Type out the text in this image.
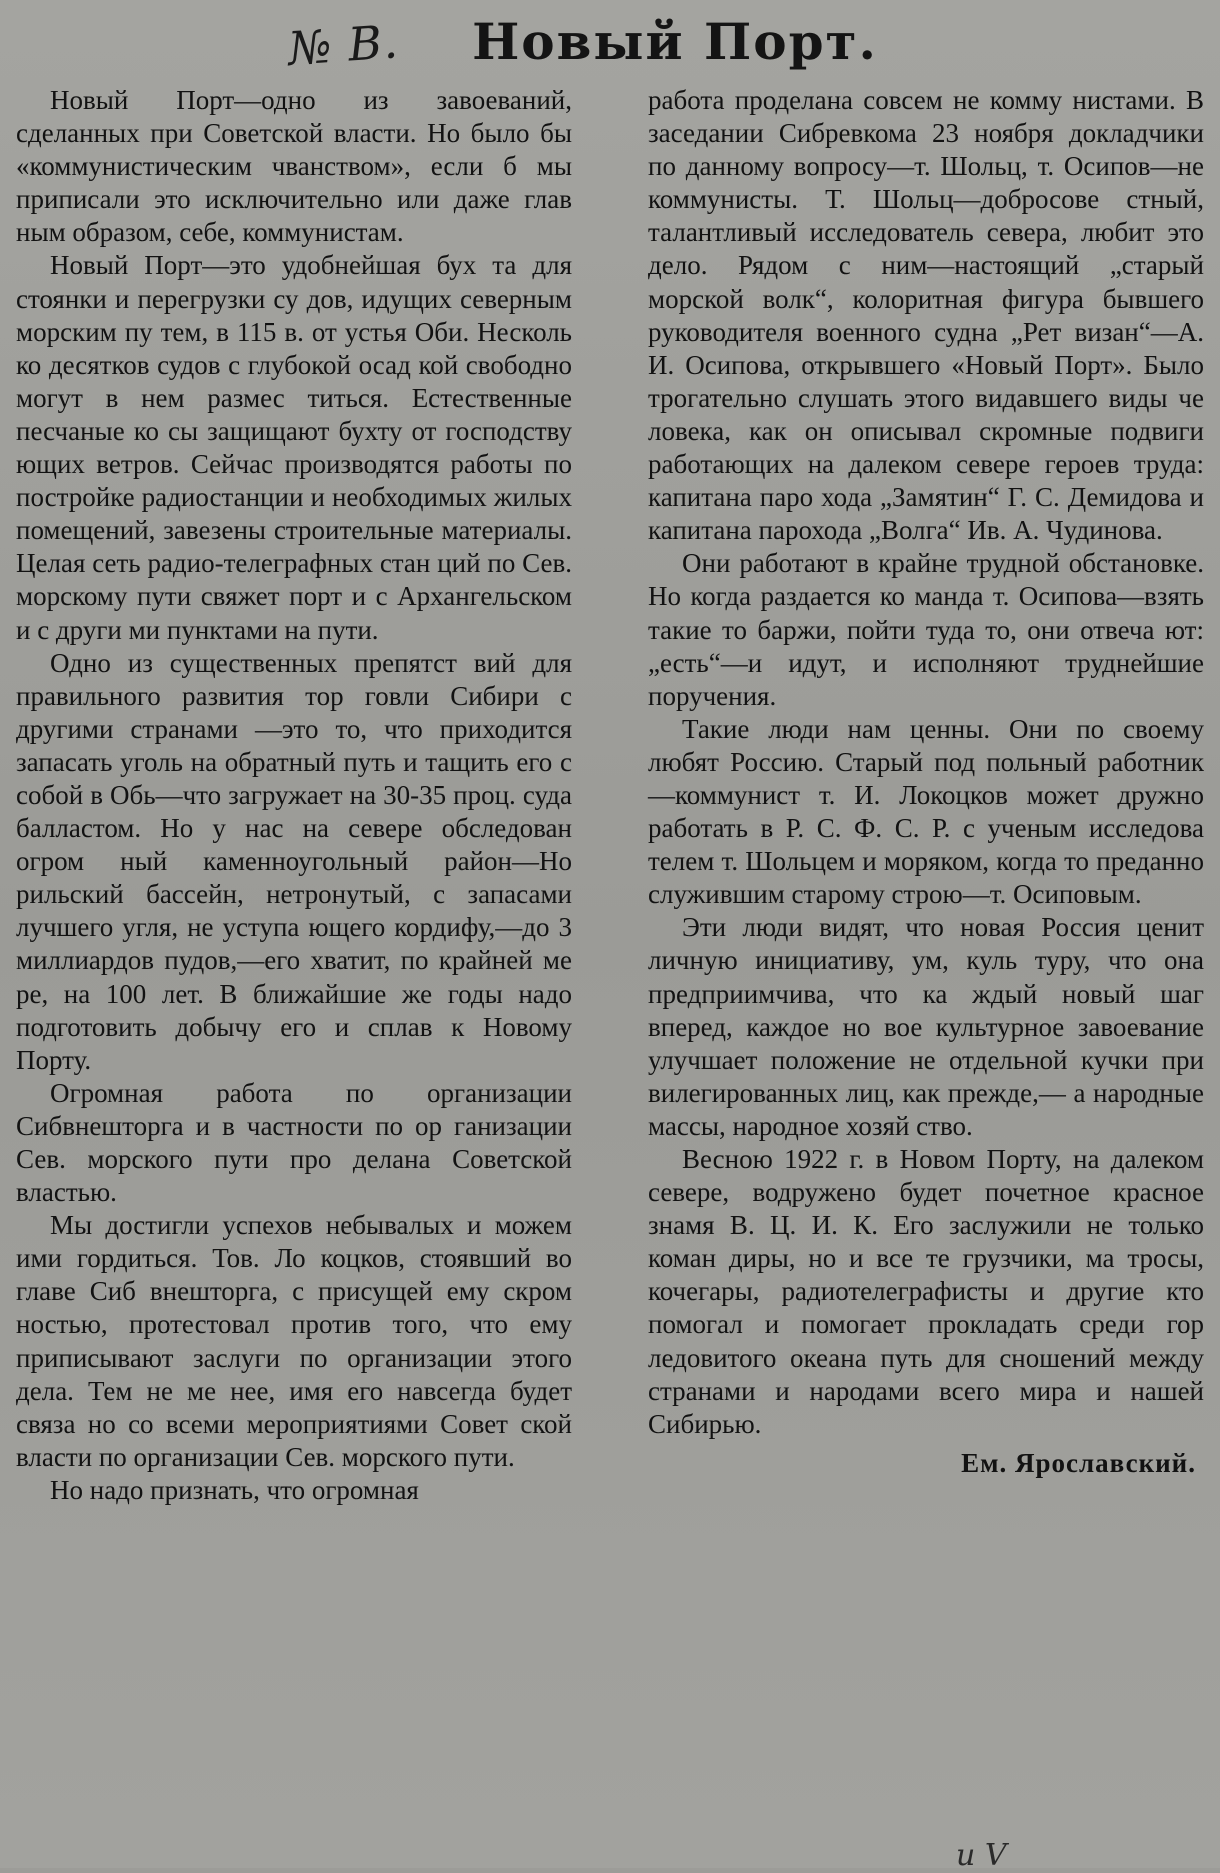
№ В. Новый Порт.

Новый Порт—одно из завоеваний, сделанных при Советской власти. Но было бы «коммунистическим чванством», если б мы приписали это исключительно или даже глав ным образом, себе, коммунистам.

Новый Порт—это удобнейшая бух та для стоянки и перегрузки су дов, идущих северным морским пу тем, в 115 в. от устья Оби. Несколь ко десятков судов с глубокой осад кой свободно могут в нем размес титься. Естественные песчаные ко сы защищают бухту от господству ющих ветров. Сейчас производятся работы по постройке радиостанции и необходимых жилых помещений, завезены строительные материалы. Целая сеть радио-телеграфных стан ций по Сев. морскому пути свяжет порт и с Архангельском и с други ми пунктами на пути.

Одно из существенных препятст вий для правильного развития тор говли Сибири с другими странами —это то, что приходится запасать уголь на обратный путь и тащить его с собой в Обь—что загружает на 30-35 проц. суда балластом. Но у нас на севере обследован огром ный каменноугольный район—Но рильский бассейн, нетронутый, с запасами лучшего угля, не уступа ющего кордифу,—до 3 миллиардов пудов,—его хватит, по крайней ме ре, на 100 лет. В ближайшие же годы надо подготовить добычу его и сплав к Новому Порту.

Огромная работа по организации Сибвнешторга и в частности по ор ганизации Сев. морского пути про делана Советской властью.

Мы достигли успехов небывалых и можем ими гордиться. Тов. Ло коцков, стоявший во главе Сиб внешторга, с присущей ему скром ностью, протестовал против того, что ему приписывают заслуги по организации этого дела. Тем не ме нее, имя его навсегда будет связа но со всеми мероприятиями Совет ской власти по организации Сев. морского пути.

Но надо признать, что огромная

работа проделана совсем не комму нистами. В заседании Сибревкома 23 ноября докладчики по данному вопросу—т. Шольц, т. Осипов—не коммунисты. Т. Шольц—добросове стный, талантливый исследователь севера, любит это дело. Рядом с ним—настоящий „старый морской волк“, колоритная фигура бывшего руководителя военного судна „Рет визан“—А. И. Осипова, открывшего «Новый Порт». Было трогательно слушать этого видавшего виды че ловека, как он описывал скромные подвиги работающих на далеком севере героев труда: капитана паро хода „Замятин“ Г. С. Демидова и капитана парохода „Волга“ Ив. А. Чудинова.

Они работают в крайне трудной обстановке. Но когда раздается ко манда т. Осипова—взять такие то баржи, пойти туда то, они отвеча ют: „есть“—и идут, и исполняют труднейшие поручения.

Такие люди нам ценны. Они по своему любят Россию. Старый под польный работник—коммунист т. И. Локоцков может дружно работать в Р. С. Ф. С. Р. с ученым исследова телем т. Шольцем и моряком, когда то преданно служившим старому строю—т. Осиповым.

Эти люди видят, что новая Россия ценит личную инициативу, ум, куль туру, что она предприимчива, что ка ждый новый шаг вперед, каждое но вое культурное завоевание улучшает положение не отдельной кучки при вилегированных лиц, как прежде,— а народные массы, народное хозяй ство.

Весною 1922 г. в Новом Порту, на далеком севере, водружено будет почетное красное знамя В. Ц. И. К. Его заслужили не только коман диры, но и все те грузчики, ма тросы, кочегары, радиотелеграфисты и другие кто помогал и помогает прокладать среди гор ледовитого океана путь для сношений между странами и народами всего мира и нашей Сибирью.

Ем. Ярославский.
и V
